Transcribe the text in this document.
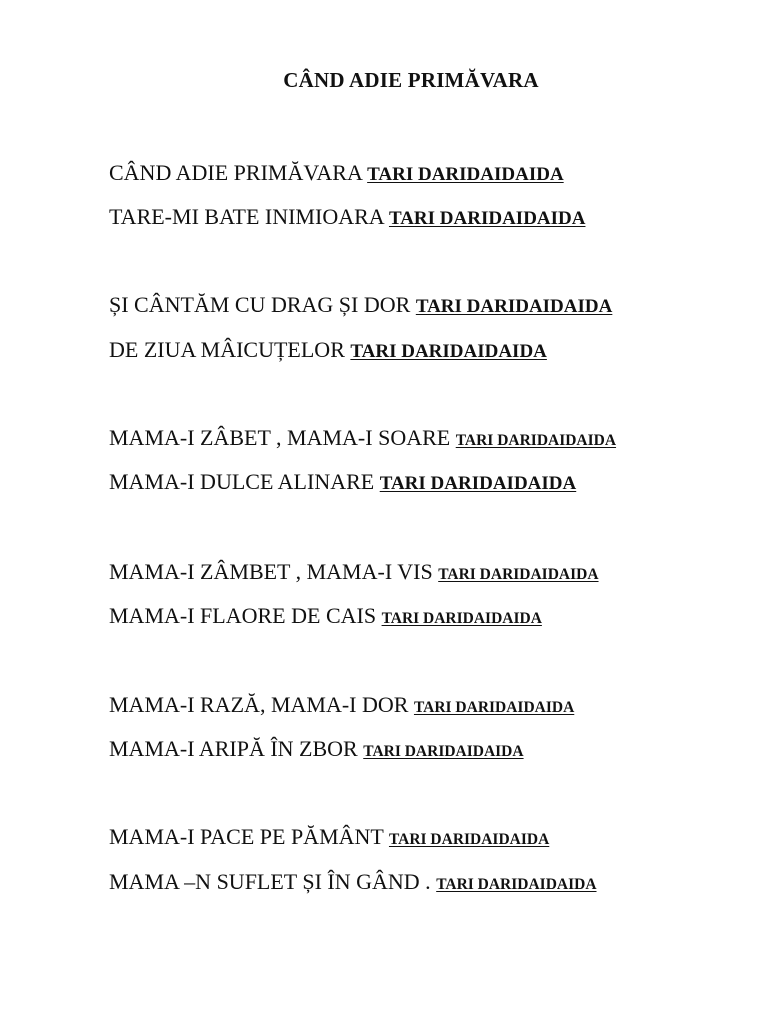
CÂND ADIE PRIMĂVARA
CÂND ADIE PRIMĂVARA TARI DARIDAIDAIDA
TARE-MI BATE INIMIOARA TARI DARIDAIDAIDA
ȘI CÂNTĂM CU DRAG ȘI DOR TARI DARIDAIDAIDA
DE ZIUA MÂICUȚELOR TARI DARIDAIDAIDA
MAMA-I ZÂBET , MAMA-I SOARE TARI DARIDAIDAIDA
MAMA-I DULCE ALINARE TARI DARIDAIDAIDA
MAMA-I ZÂMBET , MAMA-I VIS TARI DARIDAIDAIDA
MAMA-I FLAORE DE CAIS TARI DARIDAIDAIDA
MAMA-I RAZĂ, MAMA-I DOR TARI DARIDAIDAIDA
MAMA-I ARIPĂ ÎN ZBOR TARI DARIDAIDAIDA
MAMA-I PACE PE PĂMÂNT TARI DARIDAIDAIDA
MAMA –N SUFLET ȘI ÎN GÂND . TARI DARIDAIDAIDA
